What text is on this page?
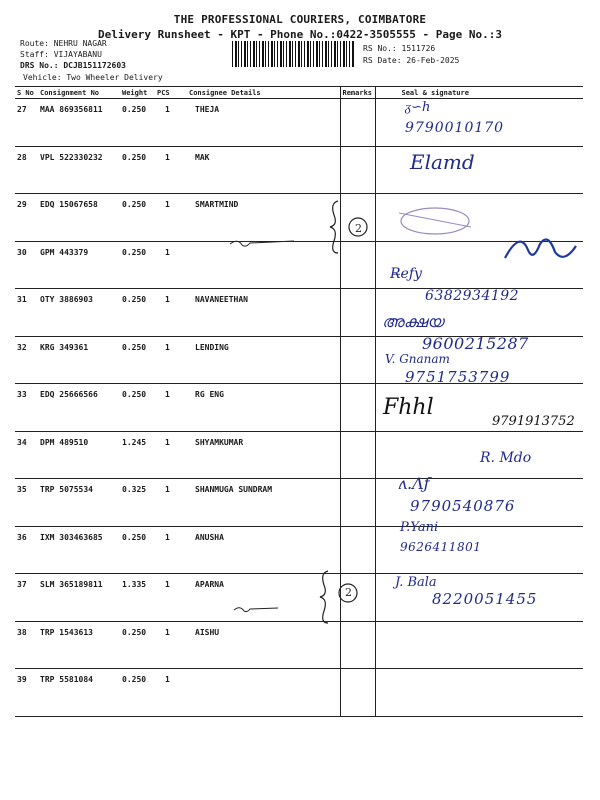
THE PROFESSIONAL COURIERS, COIMBATORE
Delivery Runsheet - KPT - Phone No.:0422-3505555 - Page No.:3
Route: NEHRU NAGAR
Staff: VIJAYABANU
DRS No.: DCJB151172603
Vehicle: Two Wheeler Delivery
RS No.: 1511726
RS Date: 26-Feb-2025
S No	Consignment No	Weight	PCS	Consignee Details	Remarks	Seal & signature
27	MAA 869356811	0.250	1	THEJA		
28	VPL 522330232	0.250	1	MAK		
29	EDQ 15067658	0.250	1	SMARTMIND		
30	GPM 443379	0.250	1			
31	OTY 3886903	0.250	1	NAVANEETHAN		
32	KRG 349361	0.250	1	LENDING		
33	EDQ 25666566	0.250	1	RG ENG		
34	DPM 489510	1.245	1	SHYAMKUMAR		
35	TRP 5075534	0.325	1	SHANMUGA SUNDRAM		
36	IXM 303463685	0.250	1	ANUSHA		
37	SLM 365189811	1.335	1	APARNA		
38	TRP 1543613	0.250	1	AISHU		
39	TRP 5581084	0.250	1			
ᵹ∽h
9790010170
Elamd
2
R̶eƒy
6382934192
അക്ഷയ
9600215287
V. Gnanam
9751753799
Fhhl
9791913752
R. Mdo
ʌ.Ʌƒ
9790540876
P.Yani
9626411801
J. Bala
8220051455
2
